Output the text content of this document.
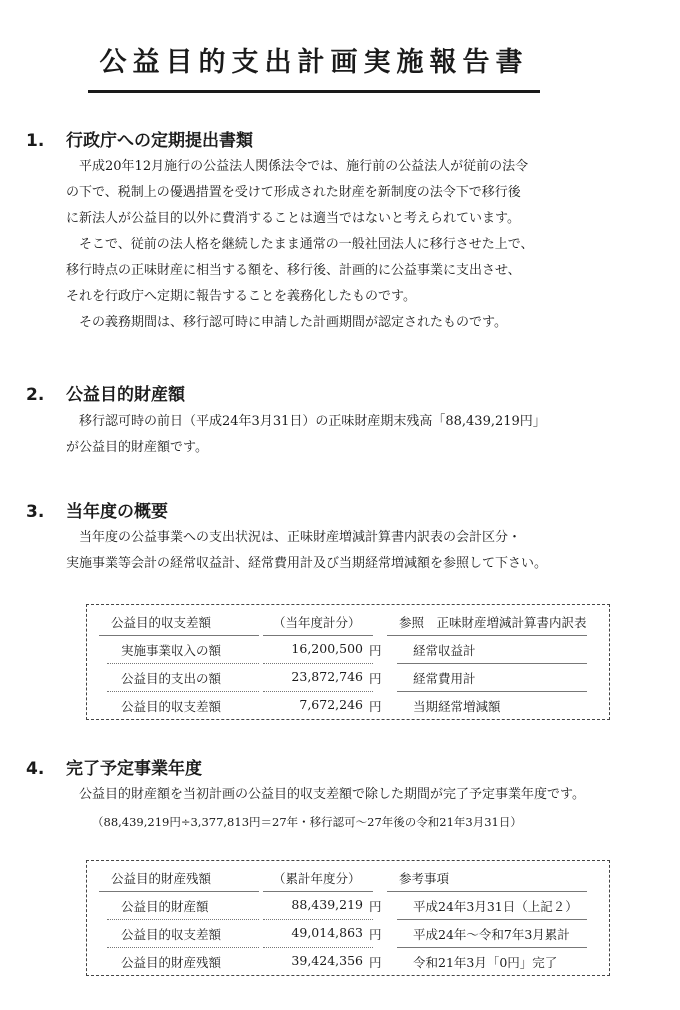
公益目的支出計画実施報告書
1. 行政庁への定期提出書類
平成20年12月施行の公益法人関係法令では、施行前の公益法人が従前の法令
の下で、税制上の優遇措置を受けて形成された財産を新制度の法令下で移行後
に新法人が公益目的以外に費消することは適当ではないと考えられています。
そこで、従前の法人格を継続したまま通常の一般社団法人に移行させた上で、
移行時点の正味財産に相当する額を、移行後、計画的に公益事業に支出させ、
それを行政庁へ定期に報告することを義務化したものです。
その義務期間は、移行認可時に申請した計画期間が認定されたものです。
2. 公益目的財産額
移行認可時の前日（平成24年3月31日）の正味財産期末残高「88,439,219円」
が公益目的財産額です。
3. 当年度の概要
当年度の公益事業への支出状況は、正味財産増減計算書内訳表の会計区分・
実施事業等会計の経常収益計、経常費用計及び当期経常増減額を参照して下さい。
公益目的収支差額	（当年度計分）	参照　正味財産増減計算書内訳表
実施事業収入の額	16,200,500 円	経常収益計
公益目的支出の額	23,872,746 円	経常費用計
公益目的収支差額	7,672,246 円	当期経常増減額
4. 完了予定事業年度
公益目的財産額を当初計画の公益目的収支差額で除した期間が完了予定事業年度です。

（88,439,219円÷3,377,813円＝27年・移行認可～27年後の令和21年3月31日）

公益目的財産残額	（累計年度分）	参考事項
公益目的財産額	88,439,219 円	平成24年3月31日（上記２）
公益目的収支差額	49,014,863 円	平成24年～令和7年3月累計
公益目的財産残額	39,424,356 円	令和21年3月「0円」完了
